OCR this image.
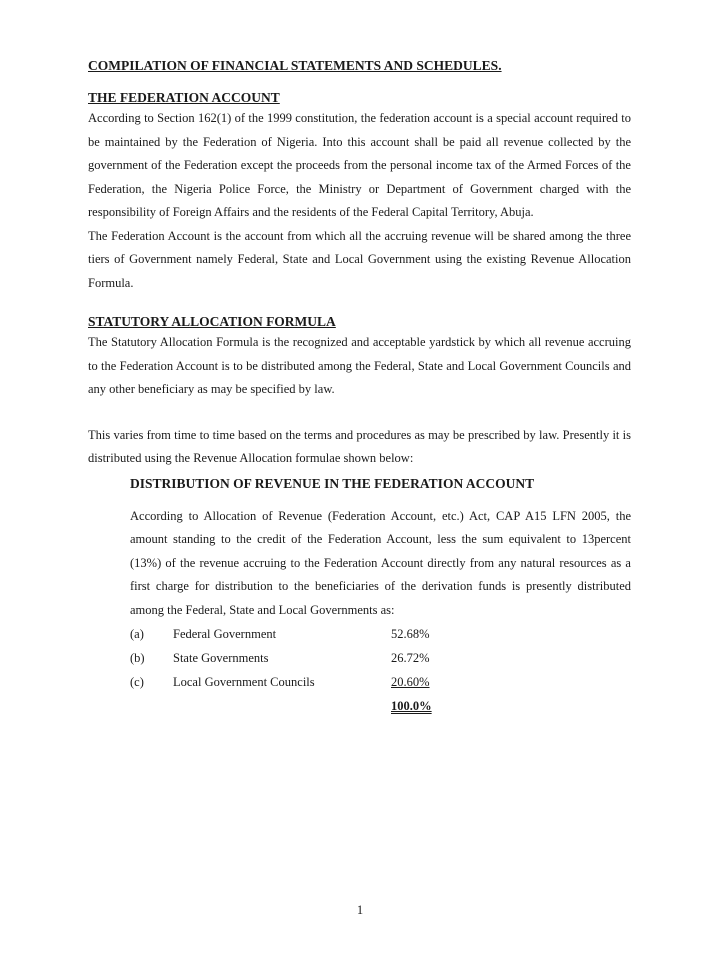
COMPILATION OF FINANCIAL STATEMENTS AND SCHEDULES.

THE FEDERATION ACCOUNT

According to Section 162(1) of the 1999 constitution, the federation account is a special account required to be maintained by the Federation of Nigeria. Into this account shall be paid all revenue collected by the government of the Federation except the proceeds from the personal income tax of the Armed Forces of the Federation, the Nigeria Police Force, the Ministry or Department of Government charged with the responsibility of Foreign Affairs and the residents of the Federal Capital Territory, Abuja.

The Federation Account is the account from which all the accruing revenue will be shared among the three tiers of Government namely Federal, State and Local Government using the existing Revenue Allocation Formula.

STATUTORY ALLOCATION FORMULA

The Statutory Allocation Formula is the recognized and acceptable yardstick by which all revenue accruing to the Federation Account is to be distributed among the Federal, State and Local Government Councils and any other beneficiary as may be specified by law.

This varies from time to time based on the terms and procedures as may be prescribed by law. Presently it is distributed using the Revenue Allocation formulae shown below:

DISTRIBUTION OF REVENUE IN THE FEDERATION ACCOUNT

According to Allocation of Revenue (Federation Account, etc.) Act, CAP A15 LFN 2005, the amount standing to the credit of the Federation Account, less the sum equivalent to 13percent (13%) of the revenue accruing to the Federation Account directly from any natural resources as a first charge for distribution to the beneficiaries of the derivation funds is presently distributed among the Federal, State and Local Governments as:

(a)	Federal Government	52.68%
(b)	State Governments	26.72%
(c)	Local Government Councils	20.60%
100.0%
1
